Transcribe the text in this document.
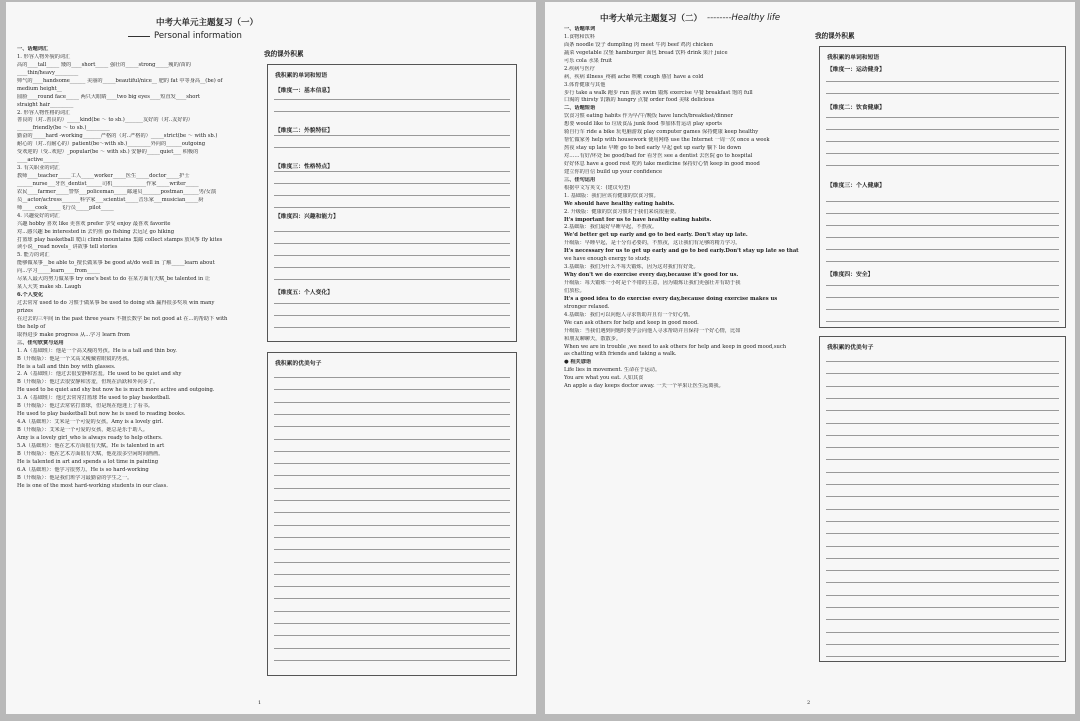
中考大单元主题复习（一）
Personal information
一、话题词汇
1. 形容人物外貌的词汇
高的____tall_____ 矮的____short_____ 强壮的_____strong_____瘦的/苗的
____thin/heavy_________
帅气的____handsome______ 美丽的_____beautiful/nice__ 肥的 fat 中等身高__(be) of
medium height__
圆脸____round face_____ 两只大眼睛____two big eyes____短直发____short
straight hair_________
2. 形容人物性格的词汇
善良的（对..善良的）_____kind(be ～ to sb.)_______友好的（对..友好的）
______friendly(be ～ to sb.)_________
勤奋的_____hard -working_______严格的（对..严格的）_____strict(be ～ with sb.)
耐心的（对..有耐心的）patient(be～with sb.)_________外向的______outgoing
受欢迎的（受..欢迎）_popular(be ～ with sb.) 安静的_____quiet___ 积极的
____active______
3. 有关职业的词汇
教师____teacher_____工人_____worker_____医生_____doctor_____护士
______nurse___牙医_dentist______司机_____________作家_____writer_____
农民____farmer_____警察___policeman_____邮递员_______postman______男/女演
员__actor/actress_______科学家___scientist_____音乐家___musician_____厨
师_____cook_____飞行员_____pilot_____
4. 兴趣爱好的词汇
兴趣 hobby 喜欢 like 更喜欢 prefer 享受 enjoy 最喜欢 favorite
对...感兴趣 be interested in 去钓鱼 go fishing 去远足 go hiking
打篮球 play basketball 爬山 climb mountains 集邮 collect stamps 放风筝 fly kites
读小说__read novels_ 讲故事 tell stories
5. 能力的词汇
能够做某事__be able to_擅长做某事 be good at/do well in 了解_____learn about
向...学习_____learn____from_____
尽某人最大的努力做某事 try one's best to do 在某方面有天赋_be talented in 让
某人大笑 make sb. Laugh
6.个人变化
过去常常 used to do 习惯于做某事 be used to doing sth 赢得很多奖项 win many
prizes
在过去的三年间 in the past three years 不擅长数学 be not good at 在...的帮助下 with
the help of
取得进步 make progress 从...学习 learn from
三、佳句欣赏与运用
1. A（基础班）：他是一个高又瘦的男孩。He is a tall and thin boy.
B（升级版）：他是一个又高又瘦戴着眼镜的男孩。
He is a tall and thin boy with glasses.
2. A（基础班）：他过去很安静和害羞。He used to be quiet and shy
B（升级版）：他过去很安静和害羞，但现在活跃和外向多了。
He used to be quiet and shy but now he is much more active and outgoing.
3. A（基础班）：他过去常常打篮球 He used to play basketball.
B（升级版）：他过去常常打篮球，但是现在他迷上了看书。
He used to play basketball but now he is used to reading books.
4.A（基础班）：艾米是一个可爱的女孩。Amy is a lovely girl.
B（升级版）：艾米是一个可爱的女孩，她总是乐于助人。
Amy is a lovely girl_who is always ready to help others.
5.A（基础班）：他在艺术方面很有天赋。He is talented in art
B（升级版）：他在艺术方面很有天赋，他花很多空闲时间画画。
He is talented in art and spends a lot time in painting
6.A（基础班）：他学习很努力。He is so hard-working
B（升级版）：他是我们班学习最勤奋的学生之一。
He is one of the most hard-working students in our class.
我的课外积累
我积累的单词和短语
【维度一：基本信息】
【维度二：外貌特征】
【维度三：性格特点】
【维度四：兴趣和能力】
【维度五：个人变化】
我积累的优美句子
1
中考大单元主题复习（二） --------Healthy life
一、话题单词
1.食物和饮料
面条 noodle 饺子 dumpling 肉 meet 牛肉 beef 鸡肉 chicken
蔬菜 vegetable 汉堡 hamburger 面包 bread 饮料 drink 果汁 juice
可乐 cola 水果 fruit
2.疾病与医疗
病，疾病 illness_疼痛 ache 咳嗽 cough 感冒 have a cold
3.体育健康与其他
步行 take a walk 跑步 run 游泳 swim 锻炼 exercise 早餐 breakfast 饱的 full
口渴的 thirsty 饥饿的 hungry 点餐 order food 美味 delicious
二、话题短语
饮食习惯 eating habits 作为早/午/晚饭 have lunch/breakfast/dinner
想要 would like to 垃圾食品 junk food 参加体育运动 play sports
骑自行车 ride a bike 玩电脑游戏 play computer games 保持健康 keep healthy
帮忙做家务 help with housework 使用网络 use the Internet 一周一次 once a week
熬夜 stay up late 早睡 go to bed early 早起 get up early 躺下 lie down
对……有好/坏处 be good/bad for 看牙医 see a dentist 去医院 go to hospital
好好休息 have a good rest 吃药 take medicine 保持好心情 keep in good mood
建立你的自信 build up your confidence
三、佳句运用
根据中文写英文：(建议句型)
1. 基础版：我们应该有健康的饮食习惯。
We should have healthy eating habits.
2. 升级版：健康的饮食习惯对于我们来说很重要。
It's important for us to have healthy eating habits.
2.基础版：我们最好早睡早起，不熬夜。
We'd better get up early and go to bed early. Don't stay up late.
升级版：早睡早起，是十分有必要的，不熬夜，这让我们有足够的精力学习。
It's necessary for us to get up early and go to bed early.Don't stay up late so that
we have enough energy to study.
3.基础版：我们为什么不每天锻炼，因为这对我们有好处。
Why don't we do exercise every day,because it's good for us.
升级版：每天锻炼一小时是个不错的主意，因为锻炼让我们更强壮并有助于我
们放松。
It's a good idea to do exercise every day,because doing exercise makes us
stronger relaxed.
4.基础版：我们可以向他人寻求帮助并且有一个好心情。
We can ask others for help and keep in good mood.
升级版：当我们遇到问题时要学会向他人寻求帮助并且保持一个好心情，比如
和朋友聊聊天，散散步。
When we are in trouble ,we need to ask others for help and keep in good mood,such
as chatting with friends and taking a walk.
● 相关谚语
Life lies in movement. 生命在于运动。
You are what you eat. 人如其食
An apple a day keeps doctor away. 一天一个苹果让医生远离我。
我的课外积累
我积累的单词和短语
【维度一：运动健身】
【维度二：饮食健康】
【维度三：个人健康】
【维度四：安全】
我积累的优美句子
2
